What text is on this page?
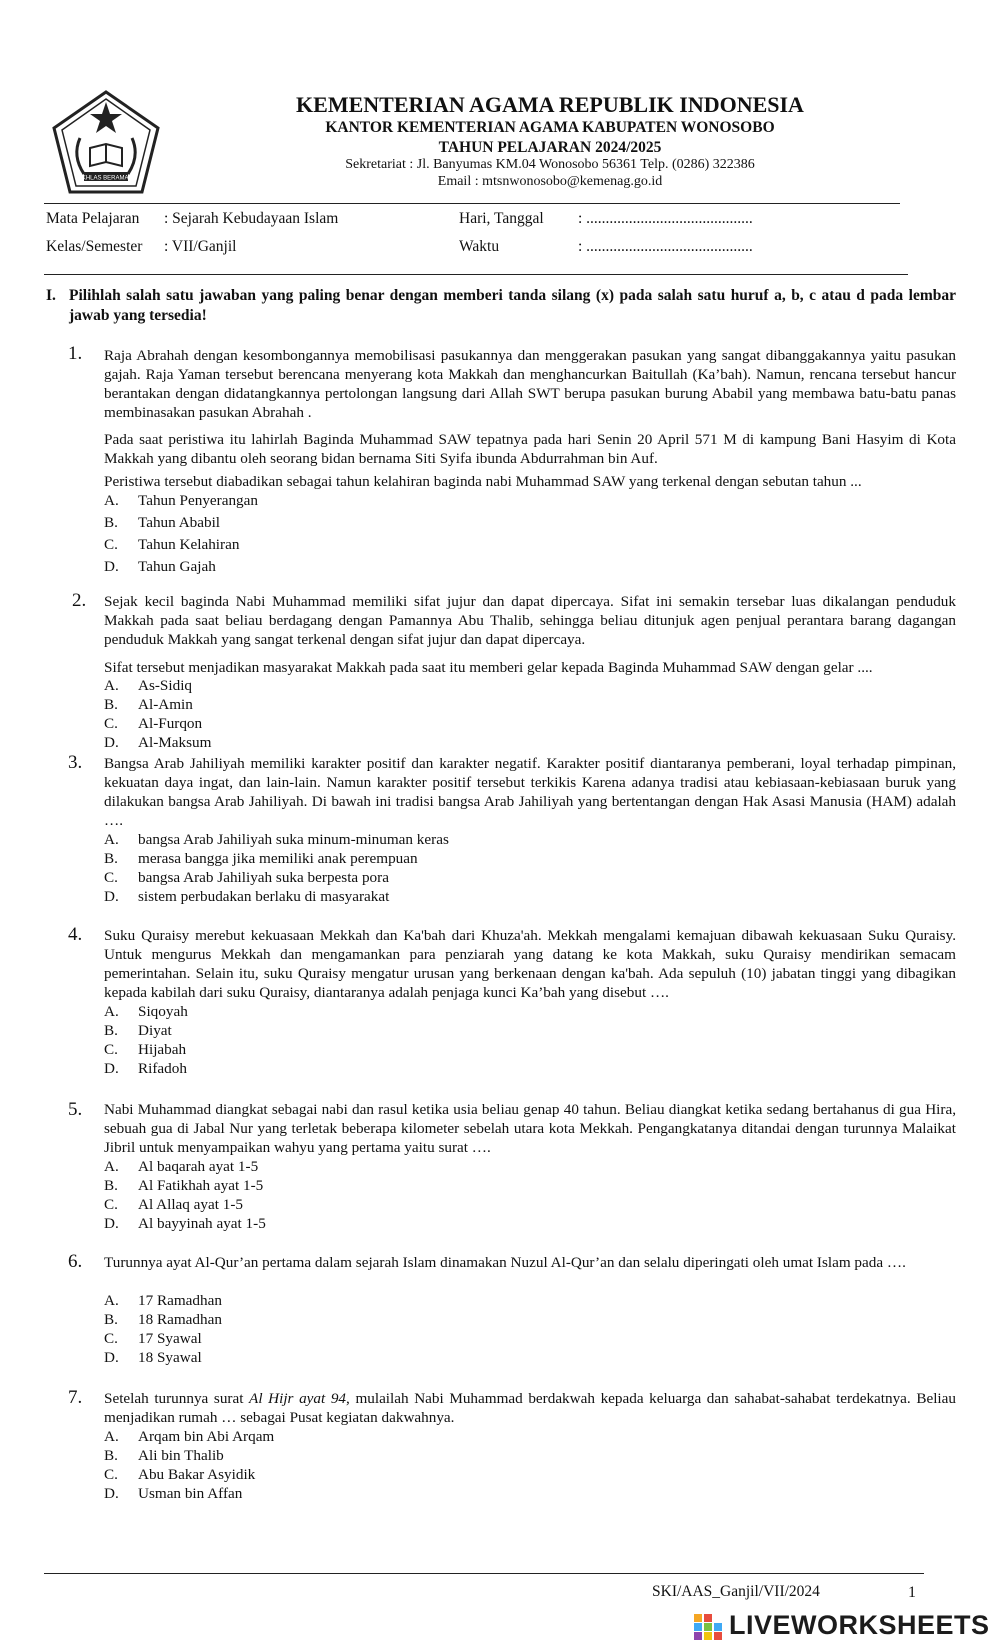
IKHLAS BERAMAL
KEMENTERIAN AGAMA REPUBLIK INDONESIA
KANTOR KEMENTERIAN AGAMA KABUPATEN WONOSOBO
TAHUN PELAJARAN 2024/2025
Sekretariat : Jl. Banyumas KM.04 Wonosobo 56361 Telp. (0286) 322386
Email : mtsnwonosobo@kemenag.go.id
Mata Pelajaran : Sejarah Kebudayaan Islam	Hari, Tanggal : ...........................................
Kelas/Semester : VII/Ganjil	Waktu	: ...........................................
I. Pilihlah salah satu jawaban yang paling benar dengan memberi tanda silang (x) pada salah satu huruf a, b, c atau d pada lembar jawab yang tersedia!
1.	Raja Abrahah dengan kesombongannya memobilisasi pasukannya dan menggerakan pasukan yang sangat dibanggakannya yaitu pasukan gajah. Raja Yaman tersebut berencana menyerang kota Makkah dan menghancurkan Baitullah (Ka’bah). Namun, rencana tersebut hancur berantakan dengan didatangkannya pertolongan langsung dari Allah SWT berupa pasukan burung Ababil yang membawa batu-batu panas membinasakan pasukan Abrahah .
Pada saat peristiwa itu lahirlah Baginda Muhammad SAW tepatnya pada hari Senin 20 April 571 M di kampung Bani Hasyim di Kota Makkah yang dibantu oleh seorang bidan bernama Siti Syifa ibunda Abdurrahman bin Auf.
Peristiwa tersebut diabadikan sebagai tahun kelahiran baginda nabi Muhammad SAW yang terkenal dengan sebutan tahun ...
A. Tahun Penyerangan
B. Tahun Ababil
C. Tahun Kelahiran
D. Tahun Gajah
2.	Sejak kecil baginda Nabi Muhammad memiliki sifat jujur dan dapat dipercaya. Sifat ini semakin tersebar luas dikalangan penduduk Makkah pada saat beliau berdagang dengan Pamannya Abu Thalib, sehingga beliau ditunjuk agen penjual perantara barang dagangan penduduk Makkah yang sangat terkenal dengan sifat jujur dan dapat dipercaya.
Sifat tersebut menjadikan masyarakat Makkah pada saat itu memberi gelar kepada Baginda Muhammad SAW dengan gelar ....
A. As-Sidiq
B. Al-Amin
C. Al-Furqon
D. Al-Maksum
3.	Bangsa Arab Jahiliyah memiliki karakter positif dan karakter negatif. Karakter positif diantaranya pemberani, loyal terhadap pimpinan, kekuatan daya ingat, dan lain-lain. Namun karakter positif tersebut terkikis Karena adanya tradisi atau kebiasaan-kebiasaan buruk yang dilakukan bangsa Arab Jahiliyah. Di bawah ini tradisi bangsa Arab Jahiliyah yang bertentangan dengan Hak Asasi Manusia (HAM) adalah ….
A. bangsa Arab Jahiliyah suka minum-minuman keras
B. merasa bangga jika memiliki anak perempuan
C. bangsa Arab Jahiliyah suka berpesta pora
D. sistem perbudakan berlaku di masyarakat
4.	Suku Quraisy merebut kekuasaan Mekkah dan Ka'bah dari Khuza'ah. Mekkah mengalami kemajuan dibawah kekuasaan Suku Quraisy. Untuk mengurus Mekkah dan mengamankan para penziarah yang datang ke kota Makkah, suku Quraisy mendirikan semacam pemerintahan. Selain itu, suku Quraisy mengatur urusan yang berkenaan dengan ka'bah. Ada sepuluh (10) jabatan tinggi yang dibagikan kepada kabilah dari suku Quraisy, diantaranya adalah penjaga kunci Ka’bah yang disebut ….
A. Siqoyah
B. Diyat
C. Hijabah
D. Rifadoh
5.	Nabi Muhammad diangkat sebagai nabi dan rasul ketika usia beliau genap 40 tahun. Beliau diangkat ketika sedang bertahanus di gua Hira, sebuah gua di Jabal Nur yang terletak beberapa kilometer sebelah utara kota Mekkah. Pengangkatanya ditandai dengan turunnya Malaikat Jibril untuk menyampaikan wahyu yang pertama yaitu surat ….
A. Al baqarah ayat 1-5
B. Al Fatikhah ayat 1-5
C. Al Allaq ayat 1-5
D. Al bayyinah ayat 1-5
6.	Turunnya ayat Al-Qur’an pertama dalam sejarah Islam dinamakan Nuzul Al-Qur’an dan selalu diperingati oleh umat Islam pada ….
A. 17 Ramadhan
B. 18 Ramadhan
C. 17 Syawal
D. 18 Syawal
7.	Setelah turunnya surat Al Hijr ayat 94, mulailah Nabi Muhammad berdakwah kepada keluarga dan sahabat-sahabat terdekatnya. Beliau menjadikan rumah … sebagai Pusat kegiatan dakwahnya.
A. Arqam bin Abi Arqam
B. Ali bin Thalib
C. Abu Bakar Asyidik
D. Usman bin Affan
SKI/AAS_Ganjil/VII/2024	1
LIVEWORKSHEETS
